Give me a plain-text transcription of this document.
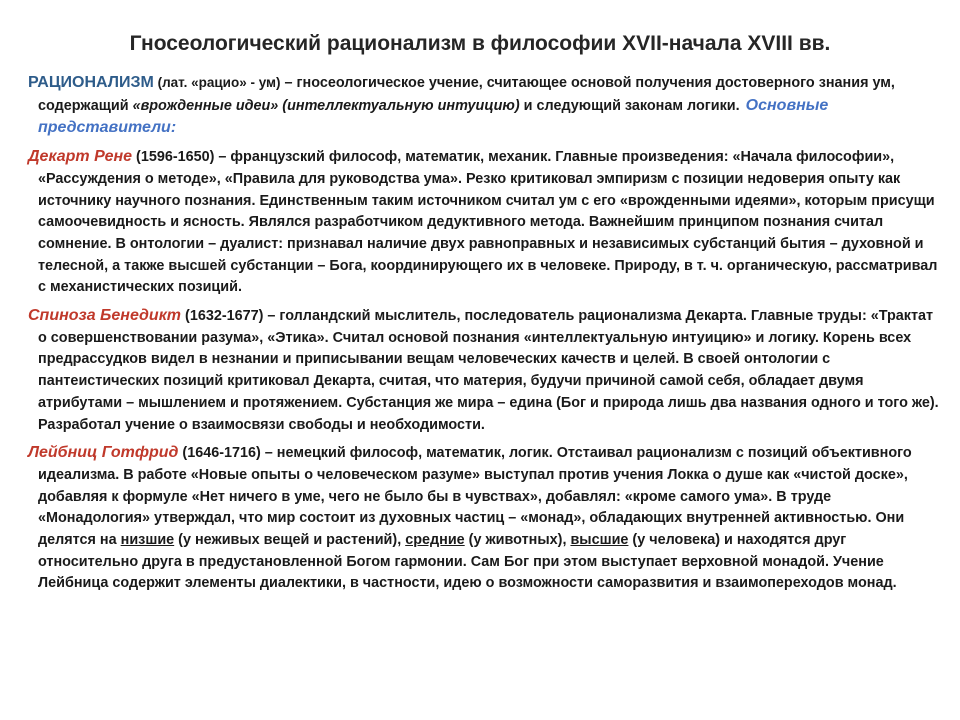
Гносеологический рационализм в философии XVII-начала XVIII вв.

РАЦИОНАЛИЗМ (лат. «рацио» - ум) – гносеологическое учение, считающее основой получения достоверного знания ум, содержащий «врожденные идеи» (интеллектуальную интуицию) и следующий законам логики. Основные представители:

Декарт Рене (1596-1650) – французский философ, математик, механик. Главные произведения: «Начала философии», «Рассуждения о методе», «Правила для руководства ума». Резко критиковал эмпиризм с позиции недоверия опыту как источнику научного познания. Единственным таким источником считал ум с его «врожденными идеями», которым присущи самоочевидность и ясность. Являлся разработчиком дедуктивного метода. Важнейшим принципом познания считал сомнение. В онтологии – дуалист: признавал наличие двух равноправных и независимых субстанций бытия – духовной и телесной, а также высшей субстанции – Бога, координирующего их в человеке. Природу, в т. ч. органическую, рассматривал с механистических позиций.

Спиноза Бенедикт (1632-1677) – голландский мыслитель, последователь рационализма Декарта. Главные труды: «Трактат о совершенствовании разума», «Этика». Считал основой познания «интеллектуальную интуицию» и логику. Корень всех предрассудков видел в незнании и приписывании вещам человеческих качеств и целей. В своей онтологии с пантеистических позиций критиковал Декарта, считая, что материя, будучи причиной самой себя, обладает двумя атрибутами – мышлением и протяжением. Субстанция же мира – едина (Бог и природа лишь два названия одного и того же). Разработал учение о взаимосвязи свободы и необходимости.

Лейбниц Готфрид (1646-1716) – немецкий философ, математик, логик. Отстаивал рационализм с позиций объективного идеализма. В работе «Новые опыты о человеческом разуме» выступал против учения Локка о душе как «чистой доске», добавляя к формуле «Нет ничего в уме, чего не было бы в чувствах», добавлял: «кроме самого ума». В труде «Монадология» утверждал, что мир состоит из духовных частиц – «монад», обладающих внутренней активностью. Они делятся на низшие (у неживых вещей и растений), средние (у животных), высшие (у человека) и находятся друг относительно друга в предустановленной Богом гармонии. Сам Бог при этом выступает верховной монадой. Учение Лейбница содержит элементы диалектики, в частности, идею о возможности саморазвития и взаимопереходов монад.
